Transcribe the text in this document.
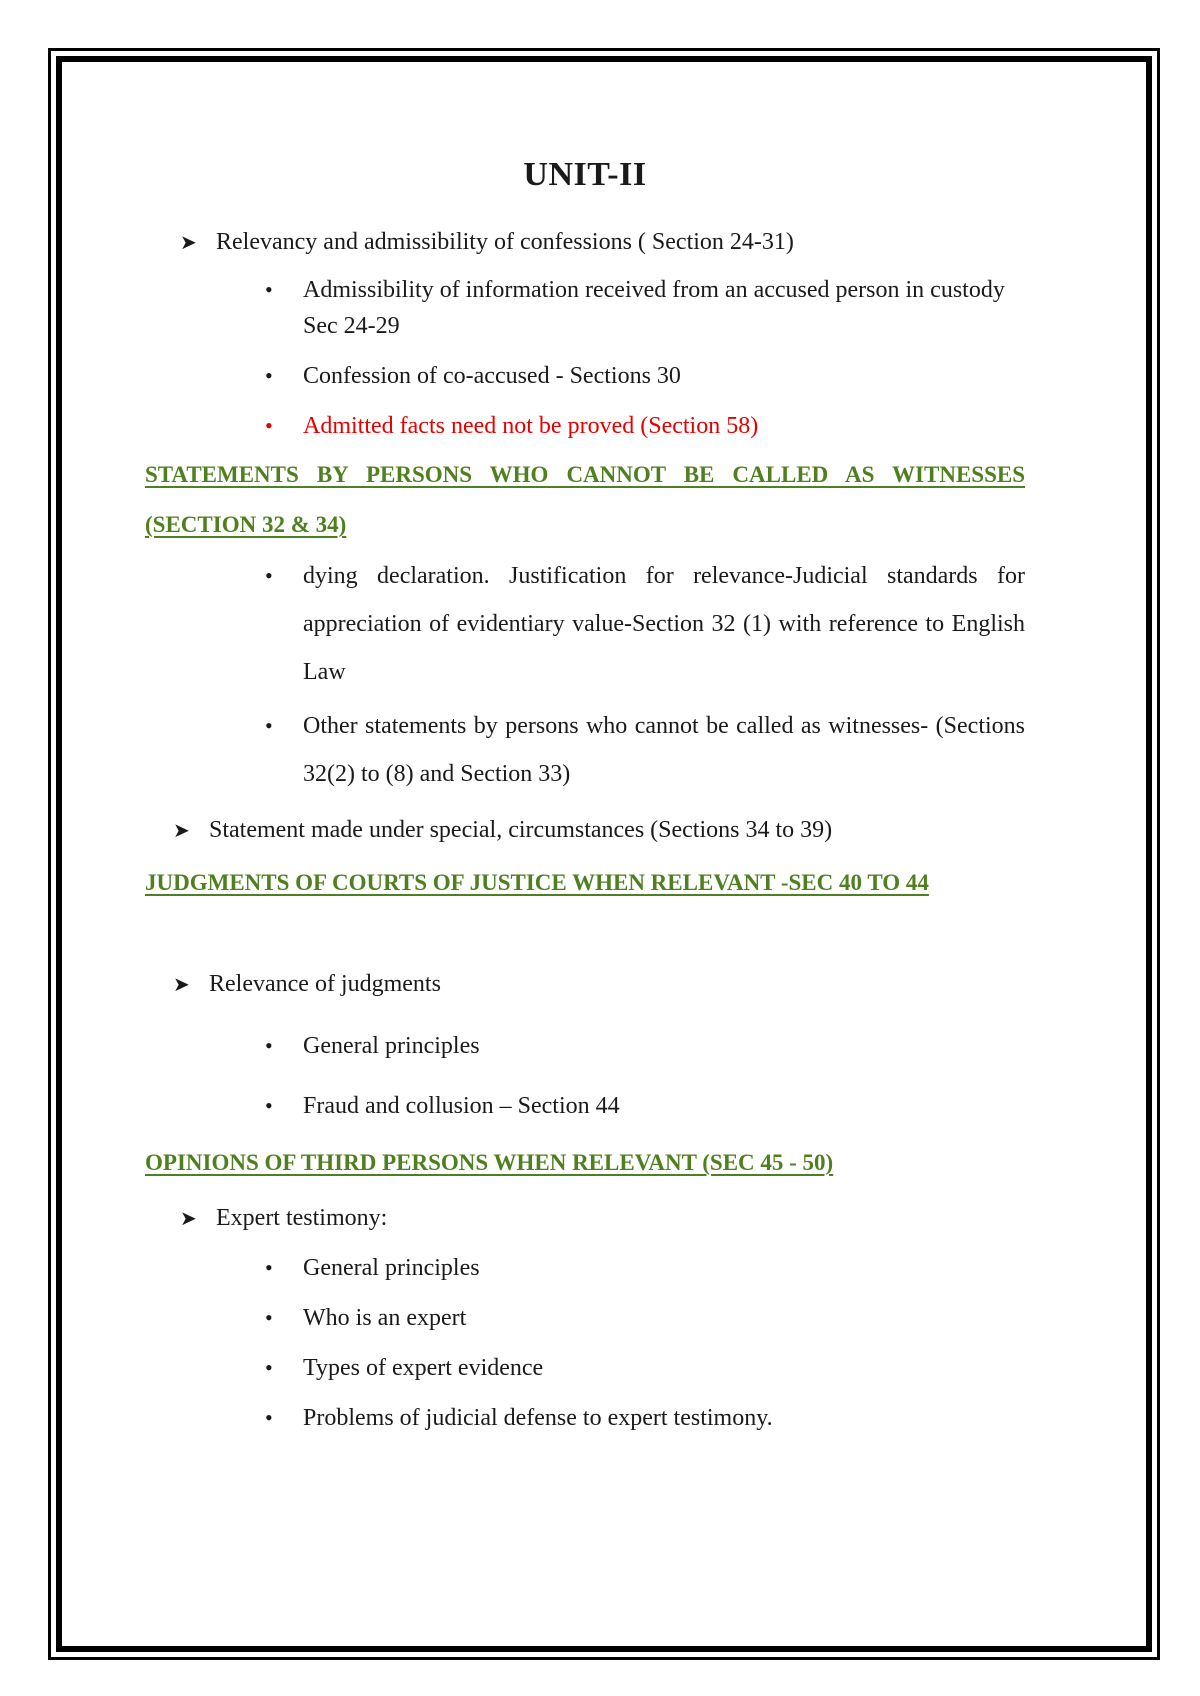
UNIT-II
➤ Relevancy and admissibility of confessions ( Section 24-31)
• Admissibility of information received from an accused person in custody Sec 24-29
• Confession of co-accused - Sections 30
• Admitted facts need not be proved (Section 58)
STATEMENTS BY PERSONS WHO CANNOT BE CALLED AS WITNESSES (SECTION 32 & 34)
• dying declaration. Justification for relevance-Judicial standards for appreciation of evidentiary value-Section 32 (1) with reference to English Law
• Other statements by persons who cannot be called as witnesses- (Sections 32(2) to (8) and Section 33)
➤ Statement made under special, circumstances (Sections 34 to 39)
JUDGMENTS OF COURTS OF JUSTICE WHEN RELEVANT -SEC 40 TO 44
➤ Relevance of judgments
• General principles
• Fraud and collusion – Section 44
OPINIONS OF THIRD PERSONS WHEN RELEVANT (SEC 45 - 50)
➤ Expert testimony:
• General principles
• Who is an expert
• Types of expert evidence
• Problems of judicial defense to expert testimony.
